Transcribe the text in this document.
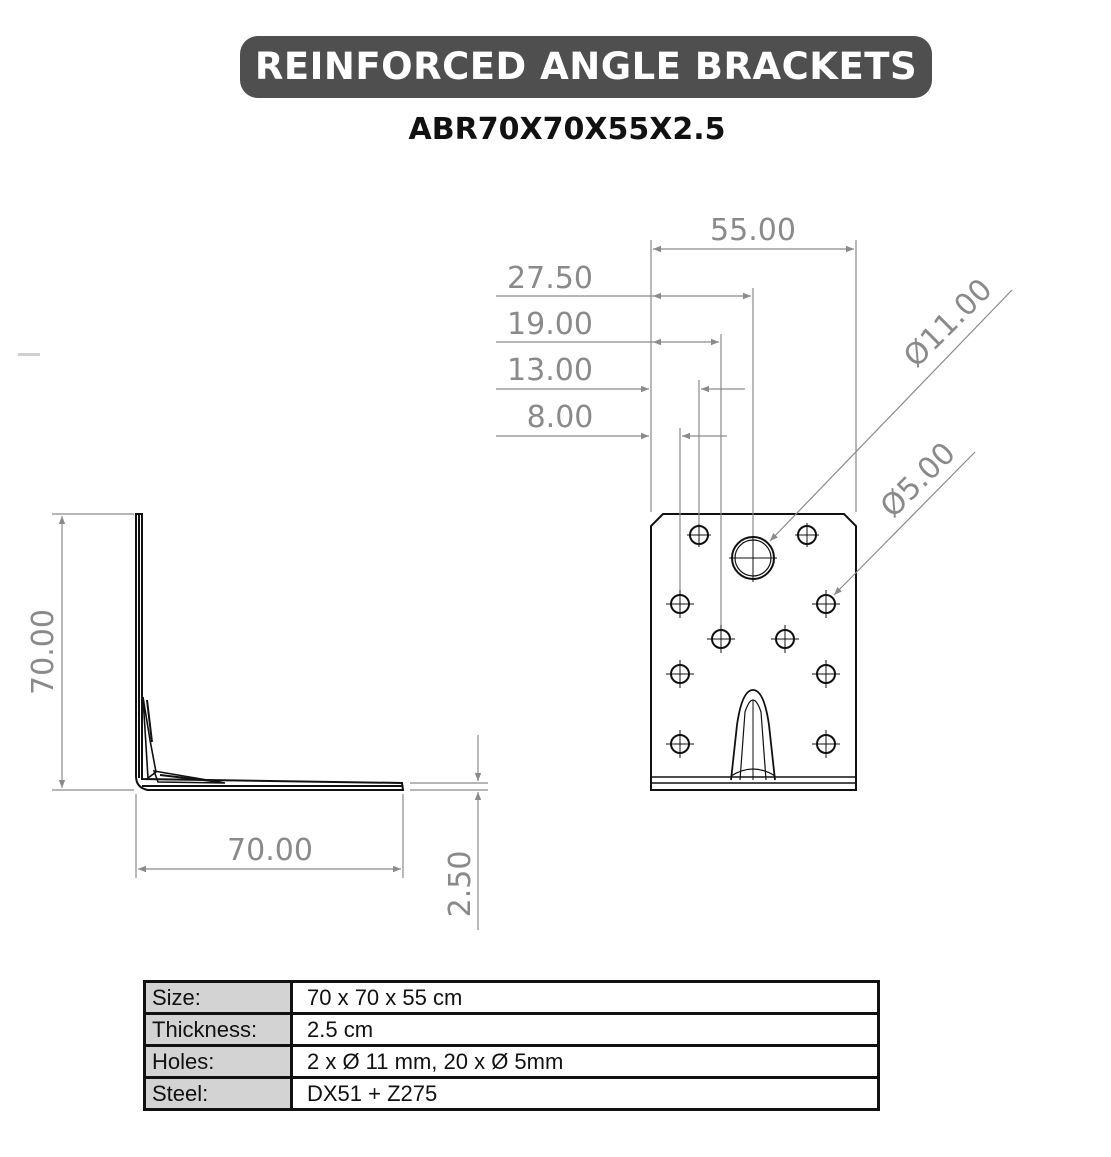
REINFORCED ANGLE BRACKETS
ABR70X70X55X2.5
70.00
70.00
2.50
55.00
27.50
19.00
13.00
8.00
Ø11.00
Ø5.00
Size:	70 x 70 x 55 cm
Thickness:	2.5 cm
Holes:	2 x Ø 11 mm, 20 x Ø 5mm
Steel:	DX51 + Z275
